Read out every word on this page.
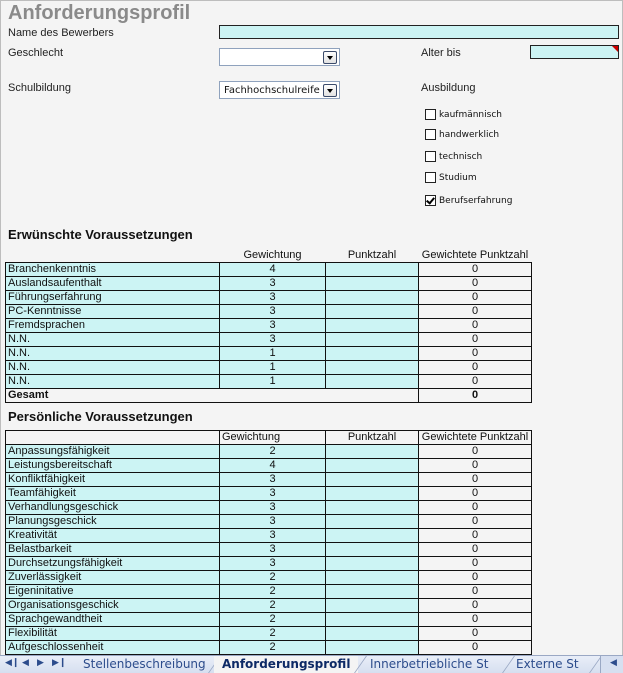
Anforderungsprofil
Name des Bewerbers
Geschlecht	Alter bis
Schulbildung	Fachhochschulreife	Ausbildung
kaufmännisch
handwerklich
technisch
Studium
Berufserfahrung
Erwünschte Voraussetzungen
	Gewichtung	Punktzahl	Gewichtete Punktzahl
Branchenkenntnis	4		0
Auslandsaufenthalt	3		0
Führungserfahrung	3		0
PC-Kenntnisse	3		0
Fremdsprachen	3		0
N.N.	3		0
N.N.	1		0
N.N.	1		0
N.N.	1		0
Gesamt			0
Persönliche Voraussetzungen
	Gewichtung	Punktzahl	Gewichtete Punktzahl
Anpassungsfähigkeit	2		0
Leistungsbereitschaft	4		0
Konfliktfähigkeit	3		0
Teamfähigkeit	3		0
Verhandlungsgeschick	3		0
Planungsgeschick	3		0
Kreativität	3		0
Belastbarkeit	3		0
Durchsetzungsfähigkeit	3		0
Zuverlässigkeit	2		0
Eigeninitative	2		0
Organisationsgeschick	2		0
Sprachgewandtheit	2		0
Flexibilität	2		0
Aufgeschlossenheit	2		0
◀❙ ◀ ▶ ▶❙	Stellenbeschreibung	Anforderungsprofil	Innerbetriebliche St	Externe St	◀
